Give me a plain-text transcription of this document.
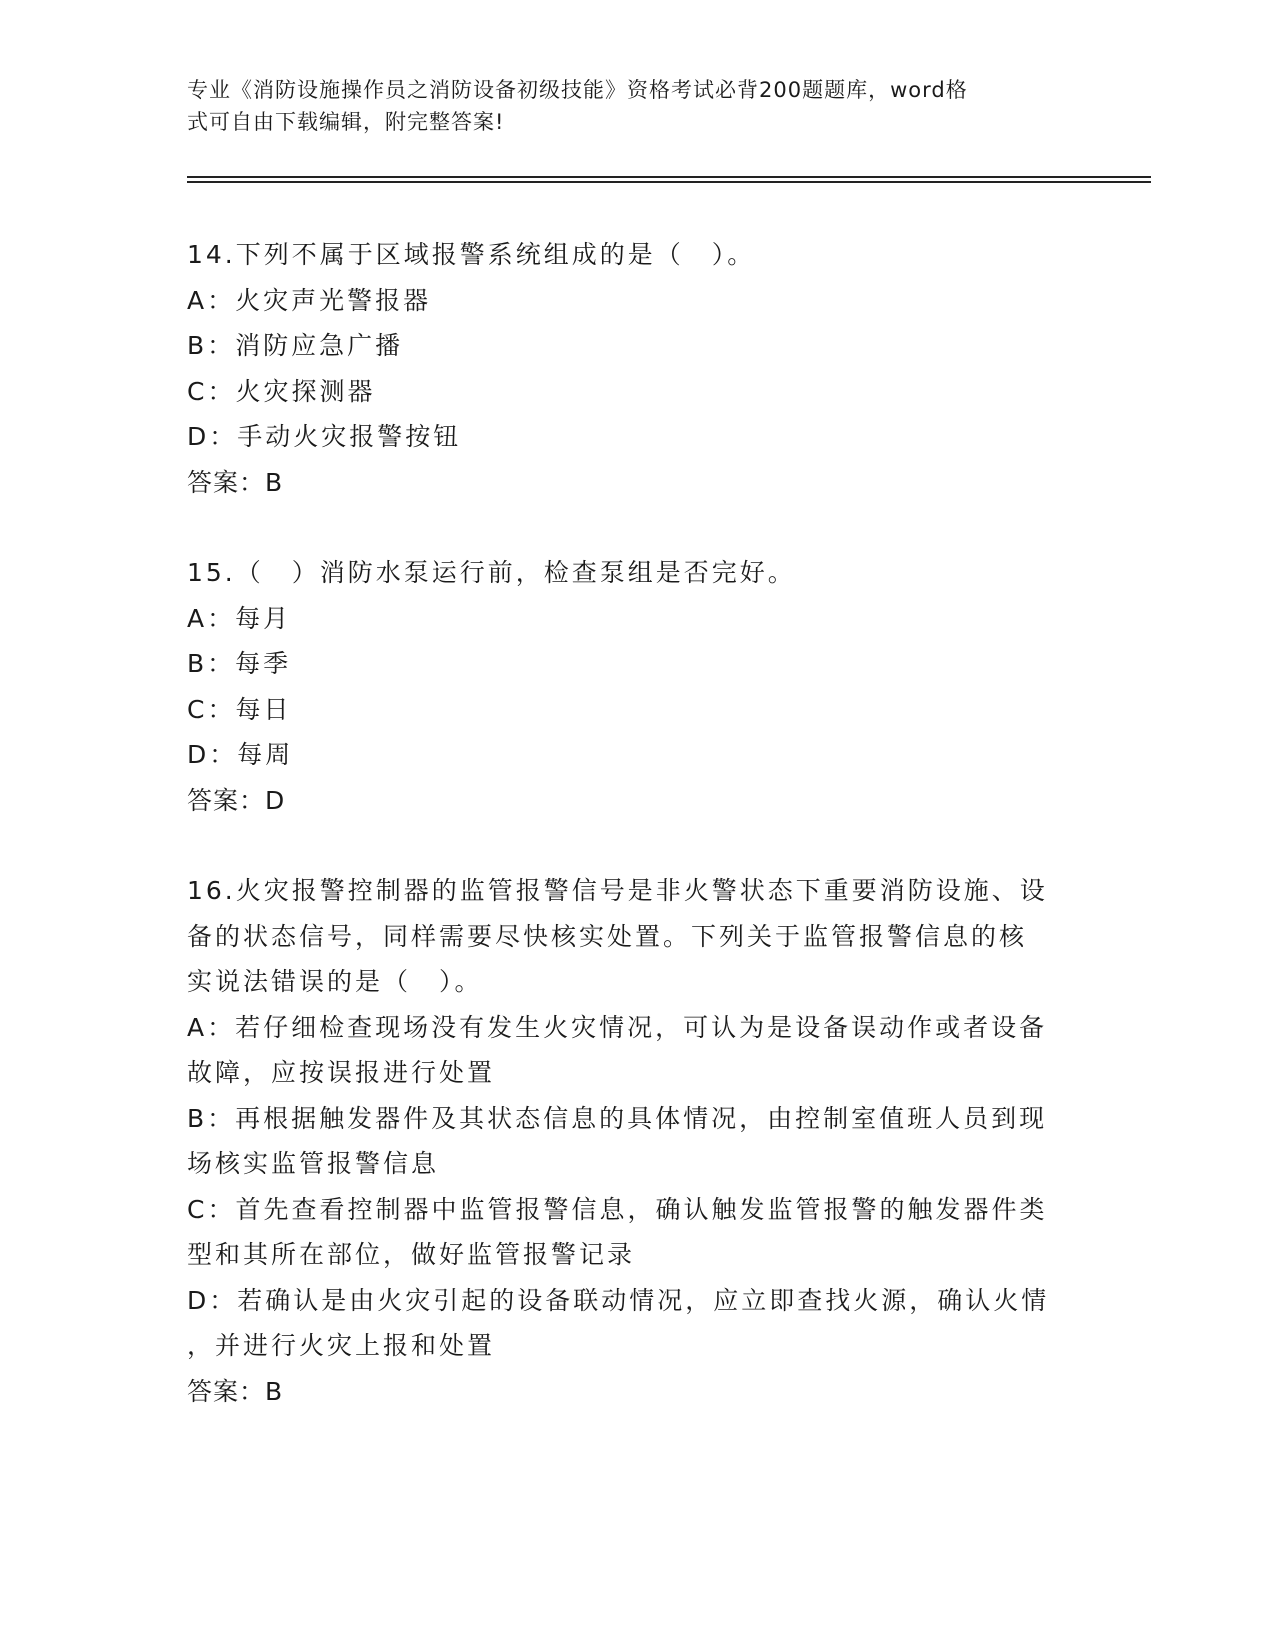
专业《消防设施操作员之消防设备初级技能》资格考试必背200题题库，word格
式可自由下载编辑，附完整答案!
14.下列不属于区域报警系统组成的是（　）。
A：火灾声光警报器
B：消防应急广播
C：火灾探测器
D：手动火灾报警按钮
答案：B
15.（　）消防水泵运行前，检查泵组是否完好。
A：每月
B：每季
C：每日
D：每周
答案：D
16.火灾报警控制器的监管报警信号是非火警状态下重要消防设施、设
备的状态信号，同样需要尽快核实处置。下列关于监管报警信息的核
实说法错误的是（　）。
A：若仔细检查现场没有发生火灾情况，可认为是设备误动作或者设备
故障，应按误报进行处置
B：再根据触发器件及其状态信息的具体情况，由控制室值班人员到现
场核实监管报警信息
C：首先查看控制器中监管报警信息，确认触发监管报警的触发器件类
型和其所在部位，做好监管报警记录
D：若确认是由火灾引起的设备联动情况，应立即查找火源，确认火情
，并进行火灾上报和处置
答案：B
